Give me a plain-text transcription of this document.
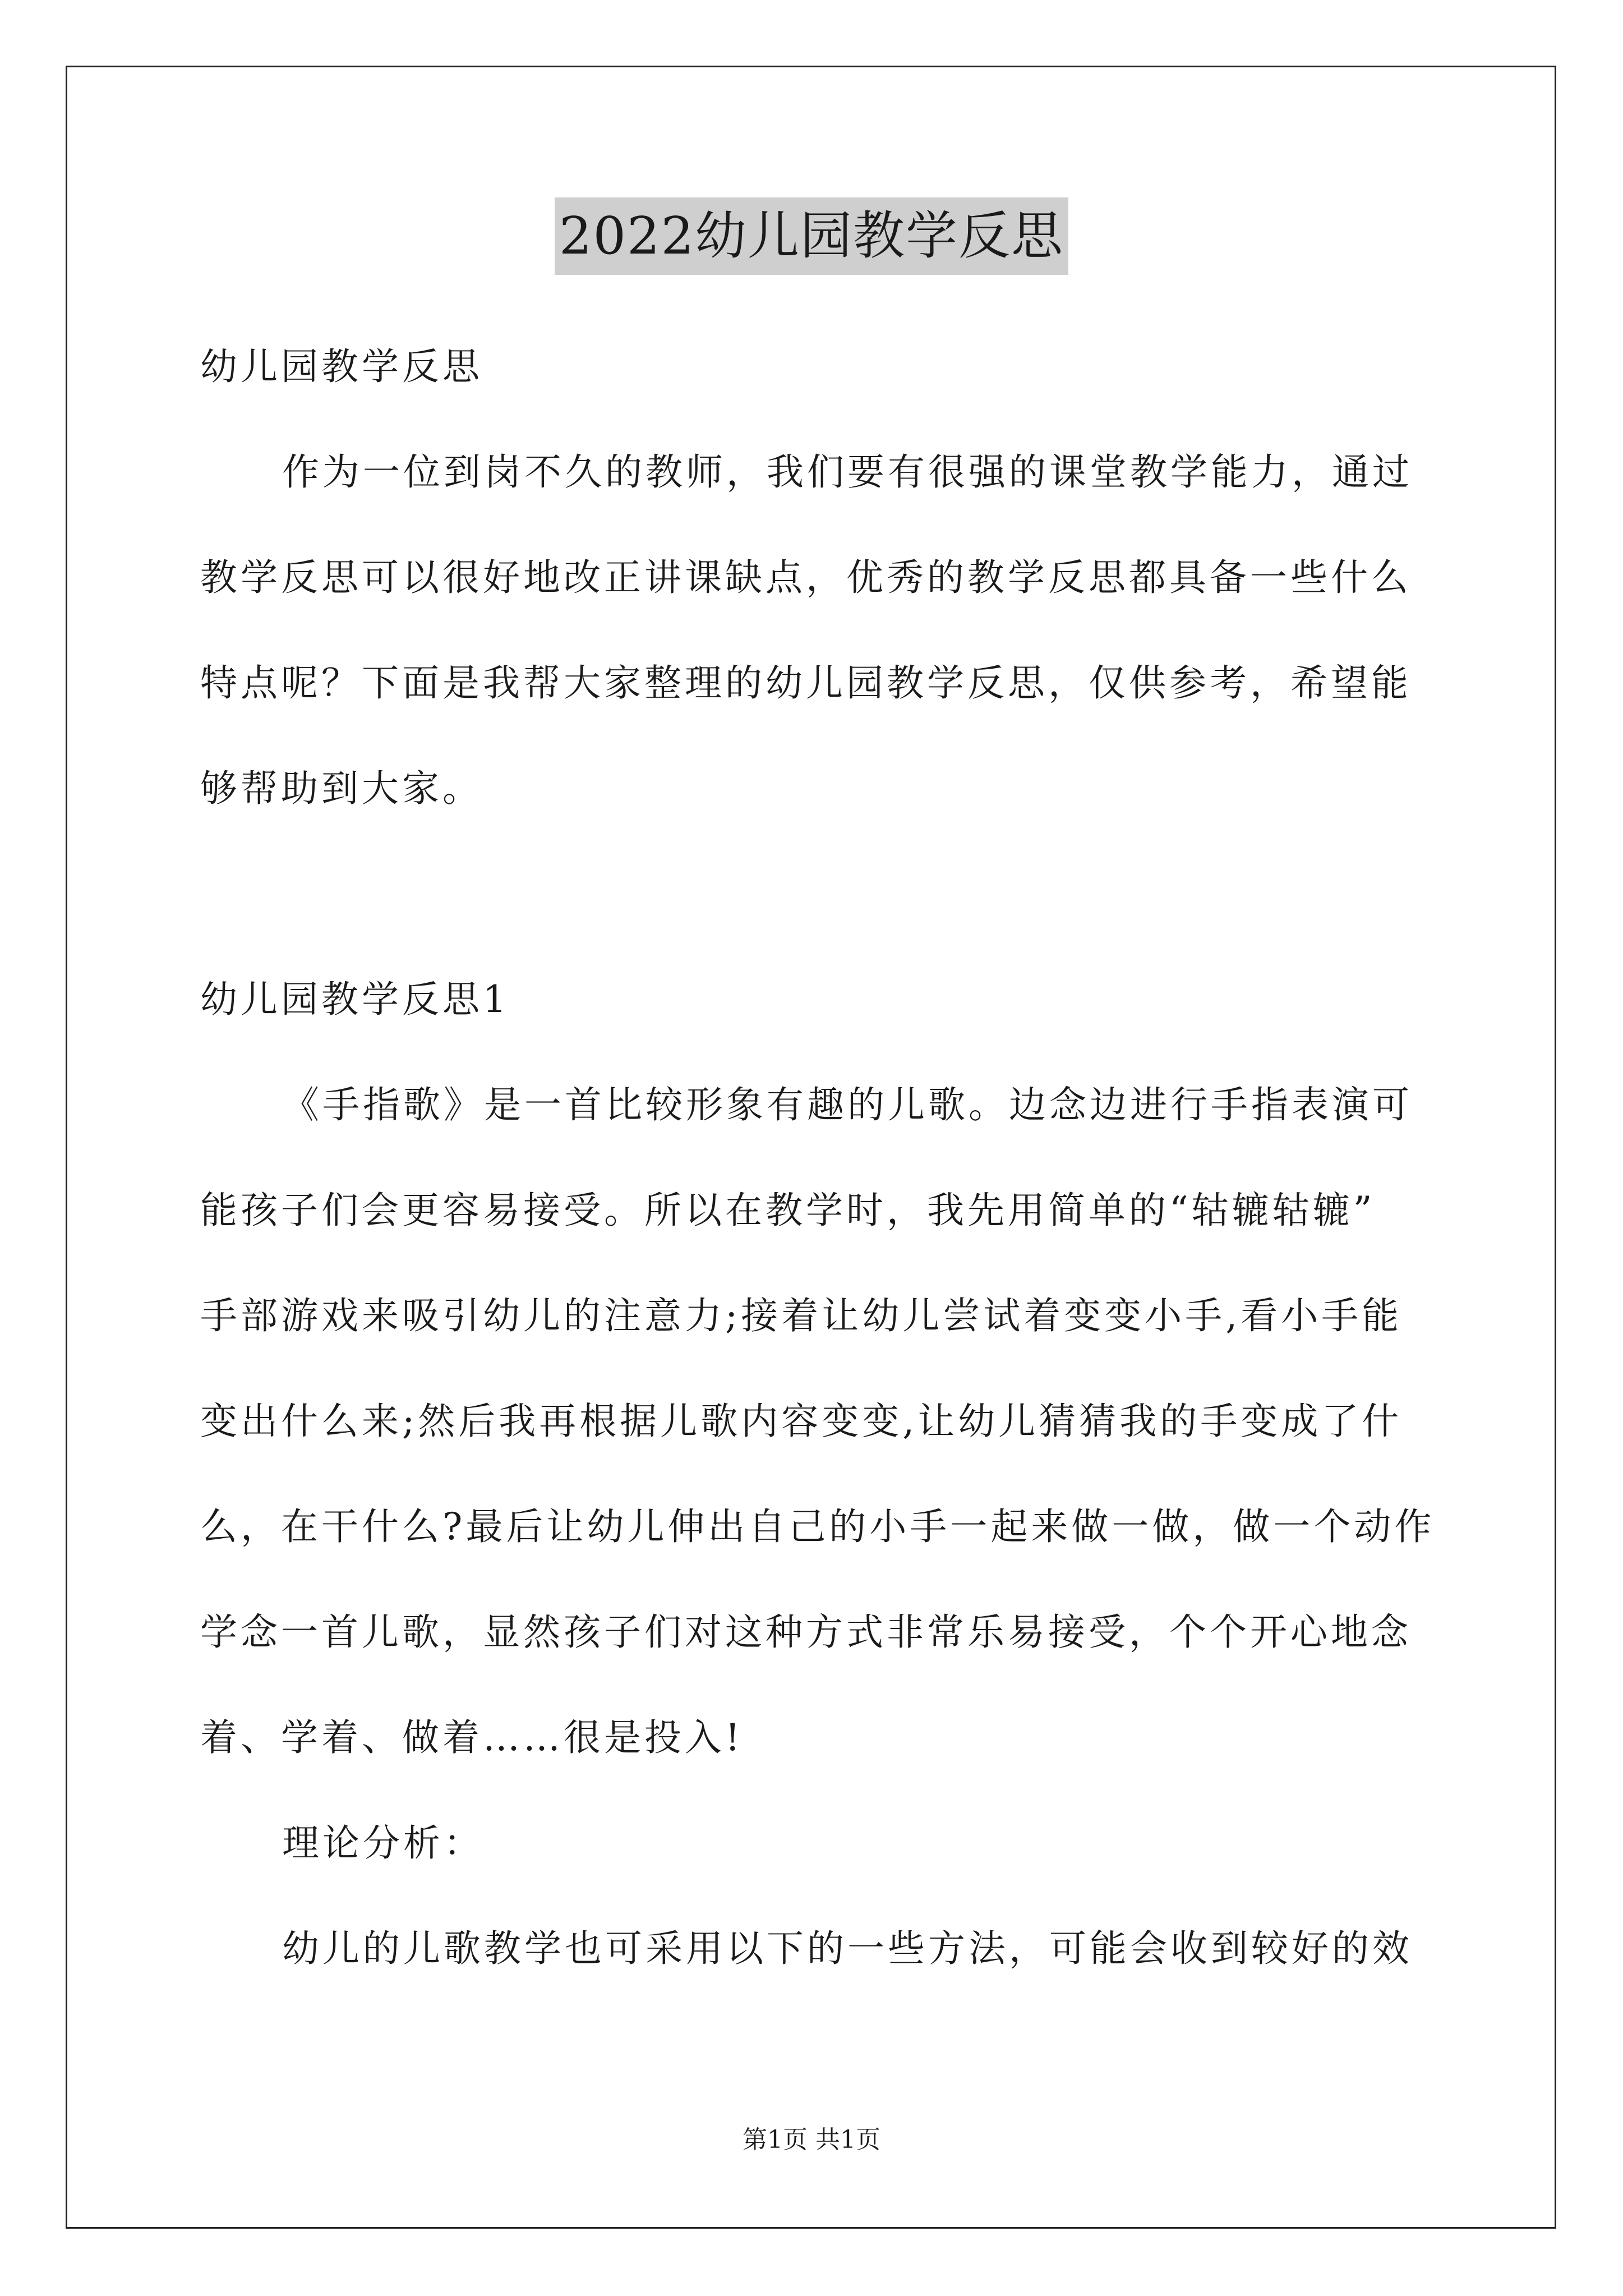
2022幼儿园教学反思
幼儿园教学反思
作为一位到岗不久的教师，我们要有很强的课堂教学能力，通过
教学反思可以很好地改正讲课缺点，优秀的教学反思都具备一些什么
特点呢？下面是我帮大家整理的幼儿园教学反思，仅供参考，希望能
够帮助到大家。
幼儿园教学反思1
《手指歌》是一首比较形象有趣的儿歌。边念边进行手指表演可
能孩子们会更容易接受。所以在教学时，我先用简单的“轱辘轱辘”
手部游戏来吸引幼儿的注意力;接着让幼儿尝试着变变小手,看小手能
变出什么来;然后我再根据儿歌内容变变,让幼儿猜猜我的手变成了什
么，在干什么?最后让幼儿伸出自己的小手一起来做一做，做一个动作
学念一首儿歌，显然孩子们对这种方式非常乐易接受，个个开心地念
着、学着、做着……很是投入!
理论分析：
幼儿的儿歌教学也可采用以下的一些方法，可能会收到较好的效
第1页 共1页
